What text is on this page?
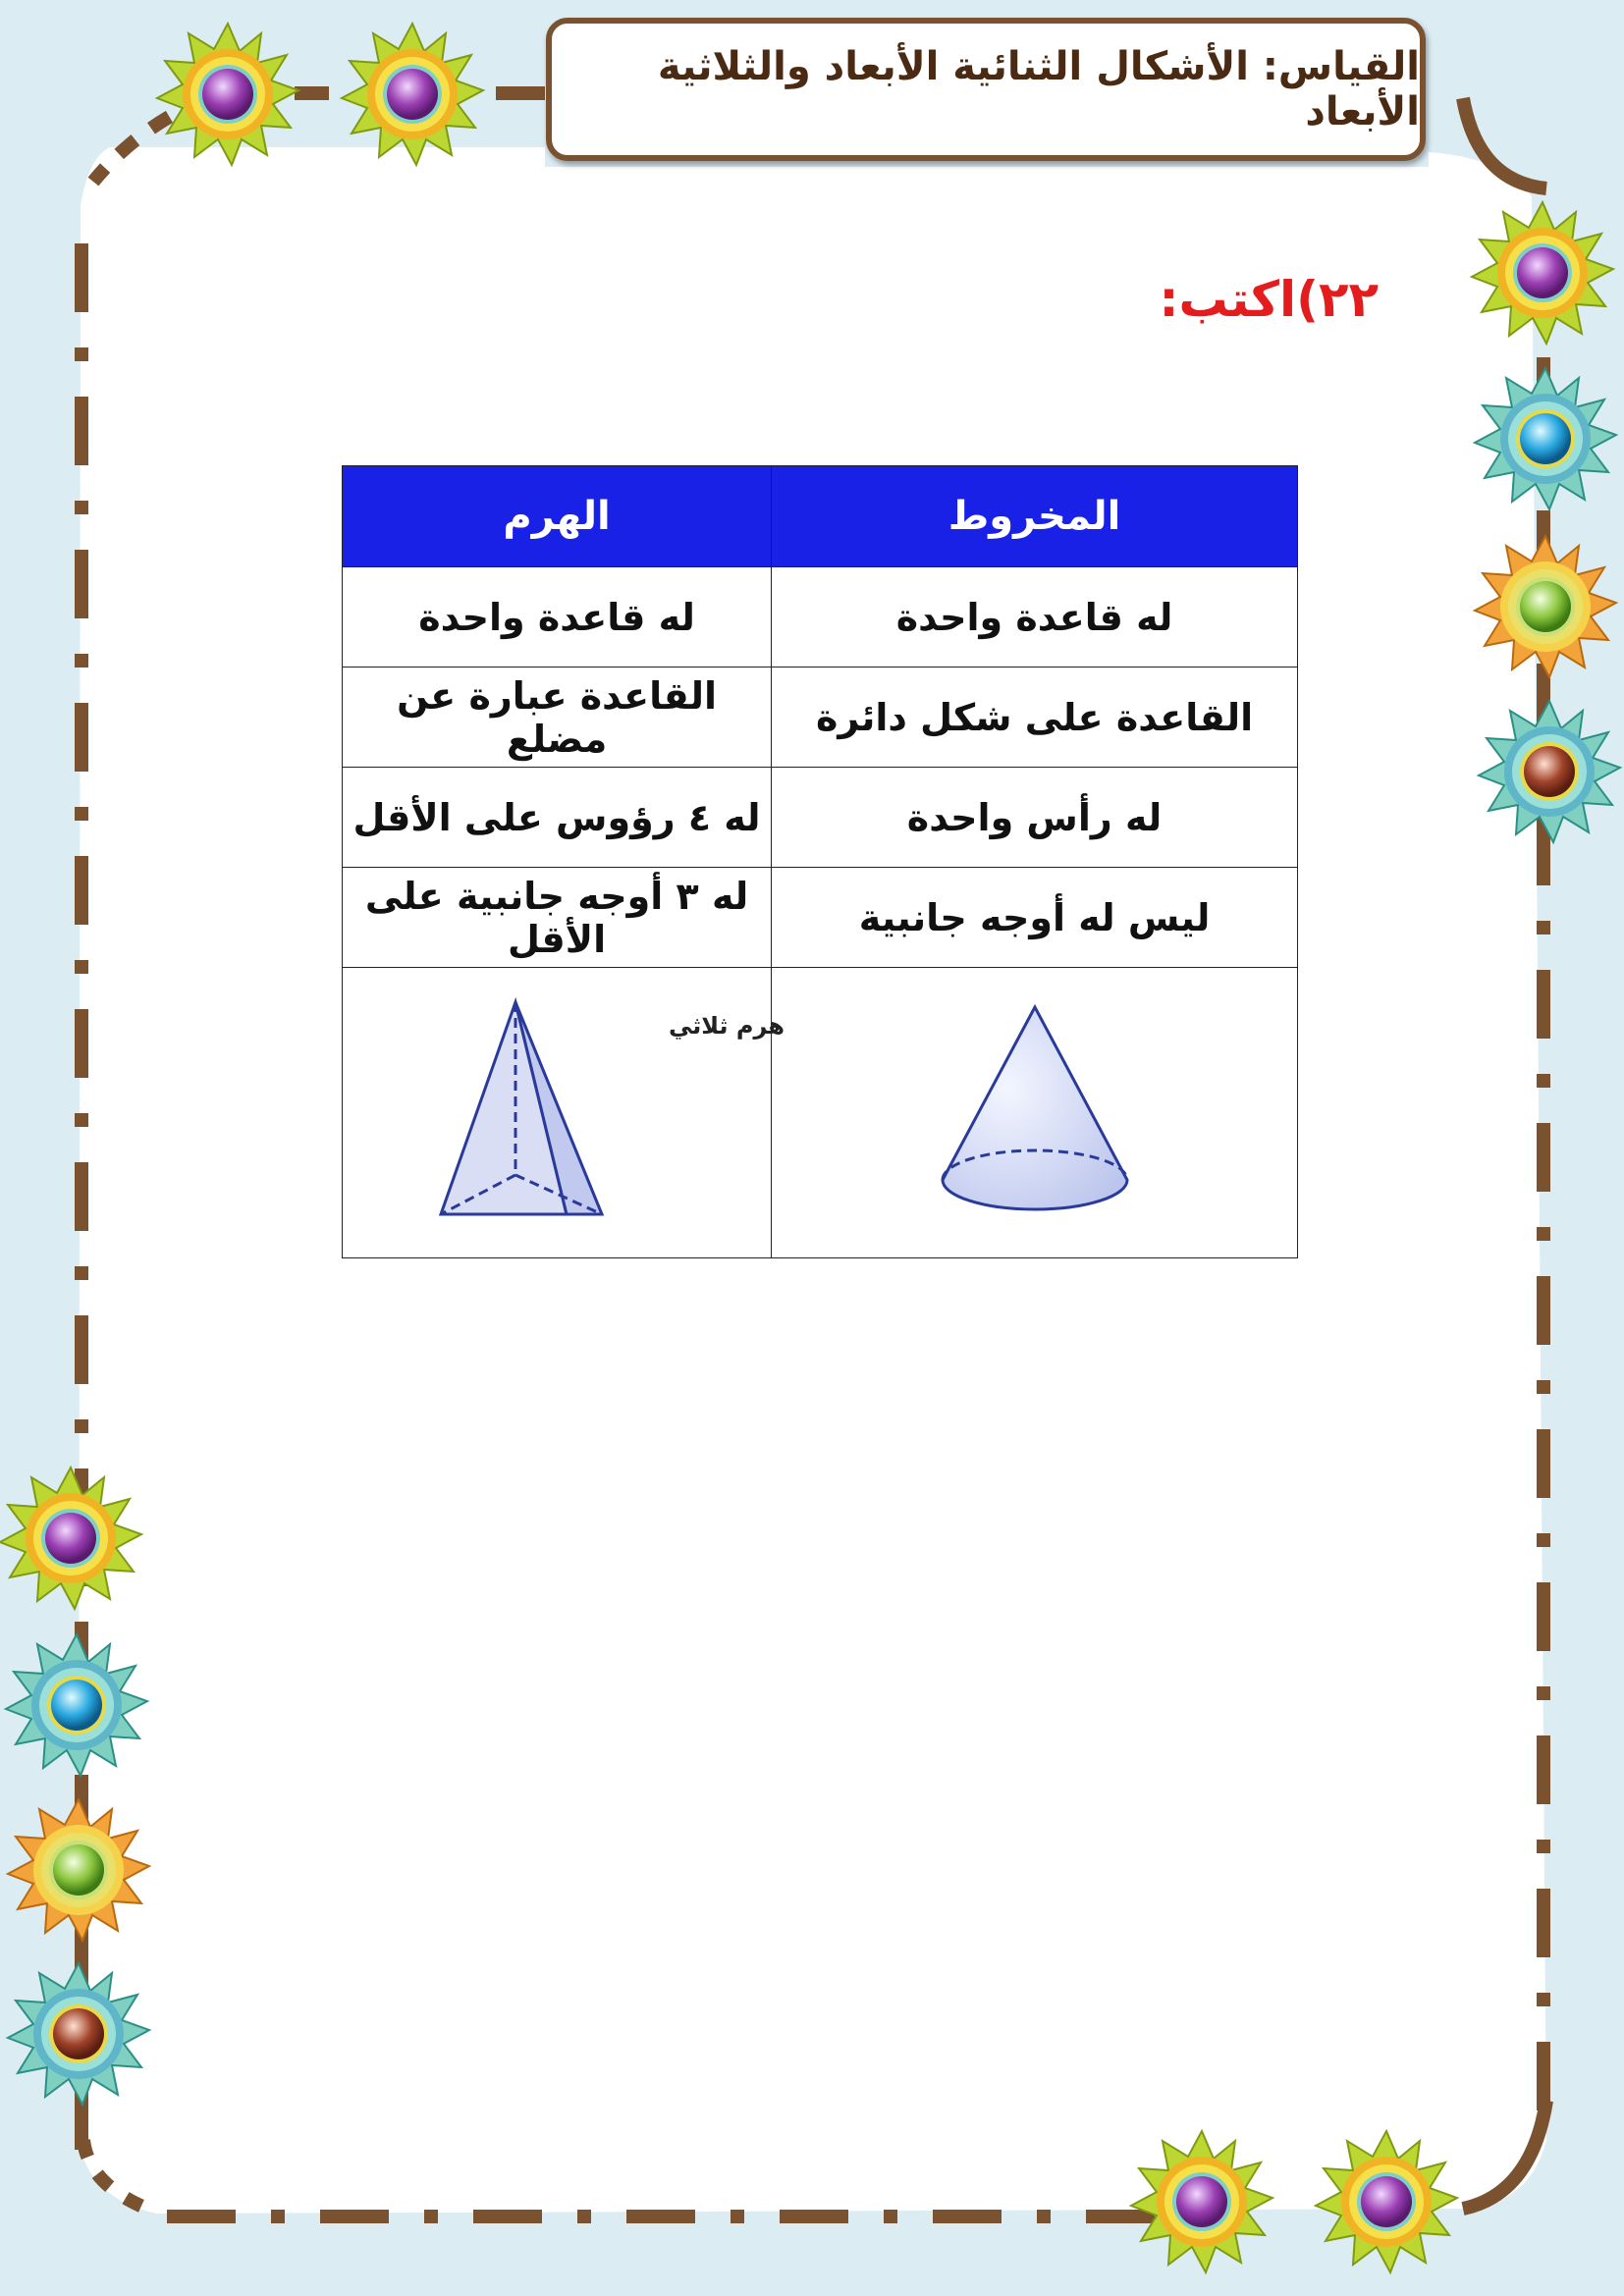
القياس: الأشكال الثنائية الأبعاد والثلاثية الأبعاد
٢٢)اكتب:
المخروط	الهرم
له قاعدة واحدة	له قاعدة واحدة
القاعدة على شكل دائرة	القاعدة عبارة عن مضلع
له رأس واحدة	له ٤ رؤوس على الأقل
ليس له أوجه جانبية	له ٣ أوجه جانبية على الأقل

هرم ثلاثي
